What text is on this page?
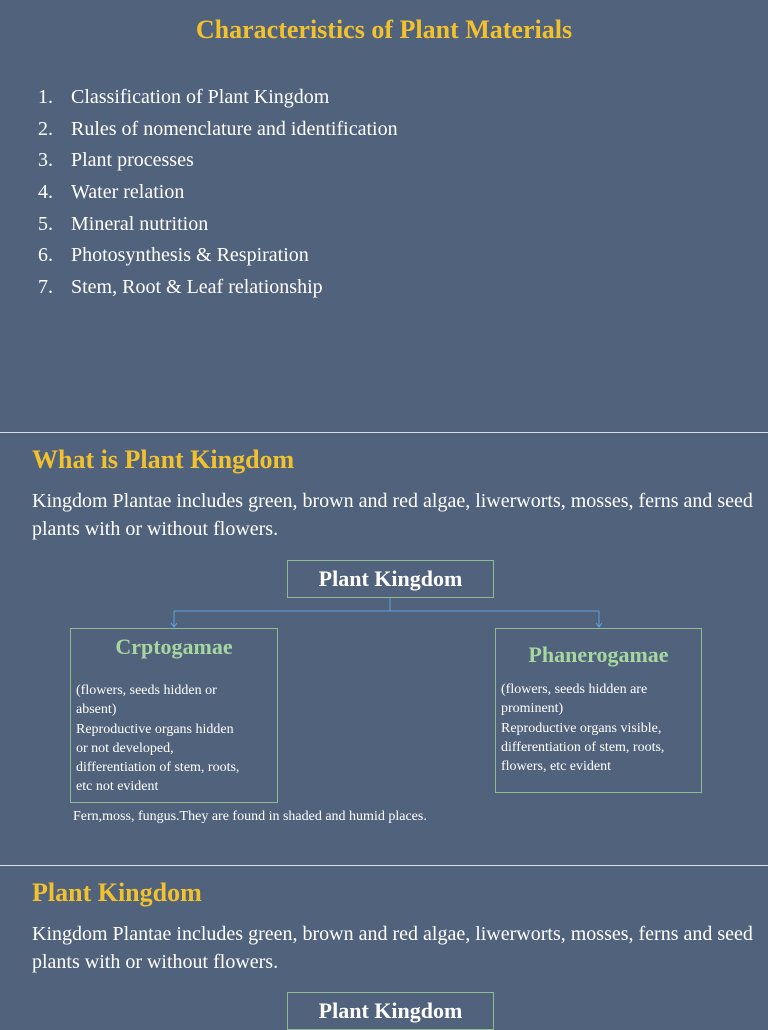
Characteristics of Plant Materials
1. Classification of Plant Kingdom
2. Rules of nomenclature and identification
3. Plant processes
4. Water relation
5. Mineral nutrition
6. Photosynthesis & Respiration
7. Stem, Root & Leaf relationship
What is Plant Kingdom
Kingdom Plantae includes green, brown and red algae, liwerworts, mosses, ferns and seed plants with or without flowers.
Plant Kingdom
Crptogamae
(flowers, seeds hidden or
absent)
Reproductive organs hidden
or not developed,
differentiation of stem, roots,
etc not evident
Phanerogamae
(flowers, seeds hidden are
prominent)
Reproductive organs visible,
differentiation of stem, roots,
flowers, etc evident
Fern,moss, fungus.They are found in shaded and humid places.
Plant Kingdom
Kingdom Plantae includes green, brown and red algae, liwerworts, mosses, ferns and seed plants with or without flowers.
Plant Kingdom
